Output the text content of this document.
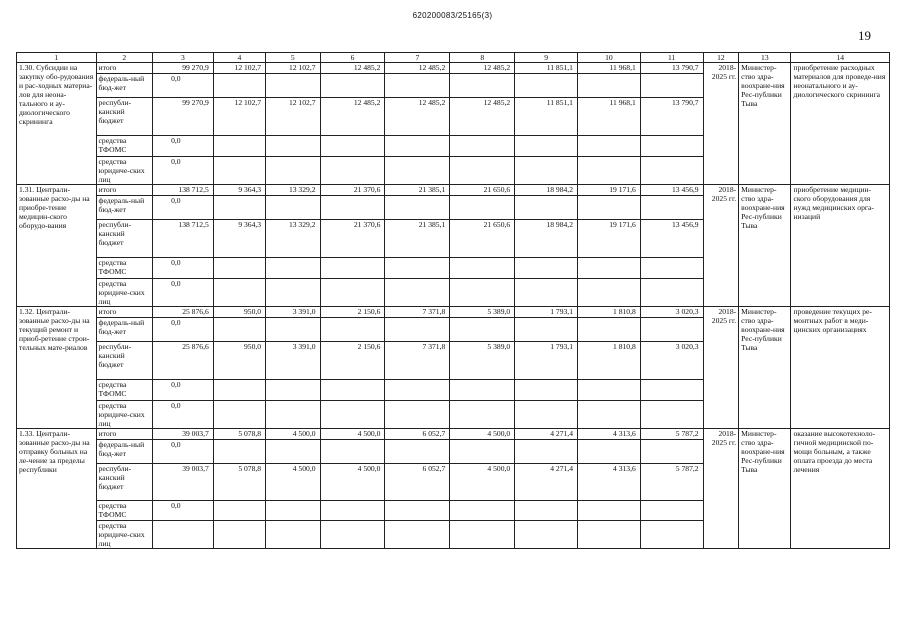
620200083/25165(3)
19
1	2	3	4	5	6	7	8	9	10	11	12	13	14
1.30. Субсидии на закупку обо-рудования и рас-ходных материа-лов для неона-тального и ау-диологического скрининга	итого	99 270,9	12 102,7	12 102,7	12 485,2	12 485,2	12 485,2	11 851,1	11 968,1	13 790,7	2018-2025 гг.	Министер-ство здра-воохране-ния Рес-публики Тыва	приобретение расходных материалов для проведе-ния неонатального и ау-диологического скрининга
	федераль-ный бюд-жет	0,0											
	республи-канский бюджет	99 270,9	12 102,7	12 102,7	12 485,2	12 485,2	12 485,2	11 851,1	11 968,1	13 790,7			
	средства ТФОМС	0,0											
	средства юридиче-ских лиц	0,0											
1.31. Централи-зованные расхо-ды на приобре-тение медицин-ского оборудо-вания	итого	138 712,5	9 364,3	13 329,2	21 370,6	21 385,1	21 650,6	18 984,2	19 171,6	13 456,9	2018-2025 гг.	Министер-ство здра-воохране-ния Рес-публики Тыва	приобретение медицин-ского оборудования для нужд медицинских орга-низаций
	федераль-ный бюд-жет	0,0											
	республи-канский бюджет	138 712,5	9 364,3	13 329,2	21 370,6	21 385,1	21 650,6	18 984,2	19 171,6	13 456,9			
	средства ТФОМС	0,0											
	средства юридиче-ских лиц	0,0											
1.32. Централи-зованные расхо-ды на текущий ремонт и приоб-ретение строи-тельных мате-риалов	итого	25 876,6	950,0	3 391,0	2 150,6	7 371,8	5 389,0	1 793,1	1 810,8	3 020,3	2018-2025 гг.	Министер-ство здра-воохране-ния Рес-публики Тыва	проведение текущих ре-монтных работ в меди-цинских организациях
	федераль-ный бюд-жет	0,0											
	республи-канский бюджет	25 876,6	950,0	3 391,0	2 150,6	7 371,8	5 389,0	1 793,1	1 810,8	3 020,3			
	средства ТФОМС	0,0											
	средства юридиче-ских лиц	0,0											
1.33. Централи-зованные расхо-ды на отправку больных на ле-чение за пределы республики	итого	39 003,7	5 078,8	4 500,0	4 500,0	6 052,7	4 500,0	4 271,4	4 313,6	5 787,2	2018-2025 гг.	Министер-ство здра-воохране-ния Рес-публики Тыва	оказание высокотехноло-гичной медицинской по-мощи больным, а также оплата проезда до места лечения
	федераль-ный бюд-жет	0,0											
	республи-канский бюджет	39 003,7	5 078,8	4 500,0	4 500,0	6 052,7	4 500,0	4 271,4	4 313,6	5 787,2			
	средства ТФОМС	0,0											
	средства юридиче-ских лиц												
